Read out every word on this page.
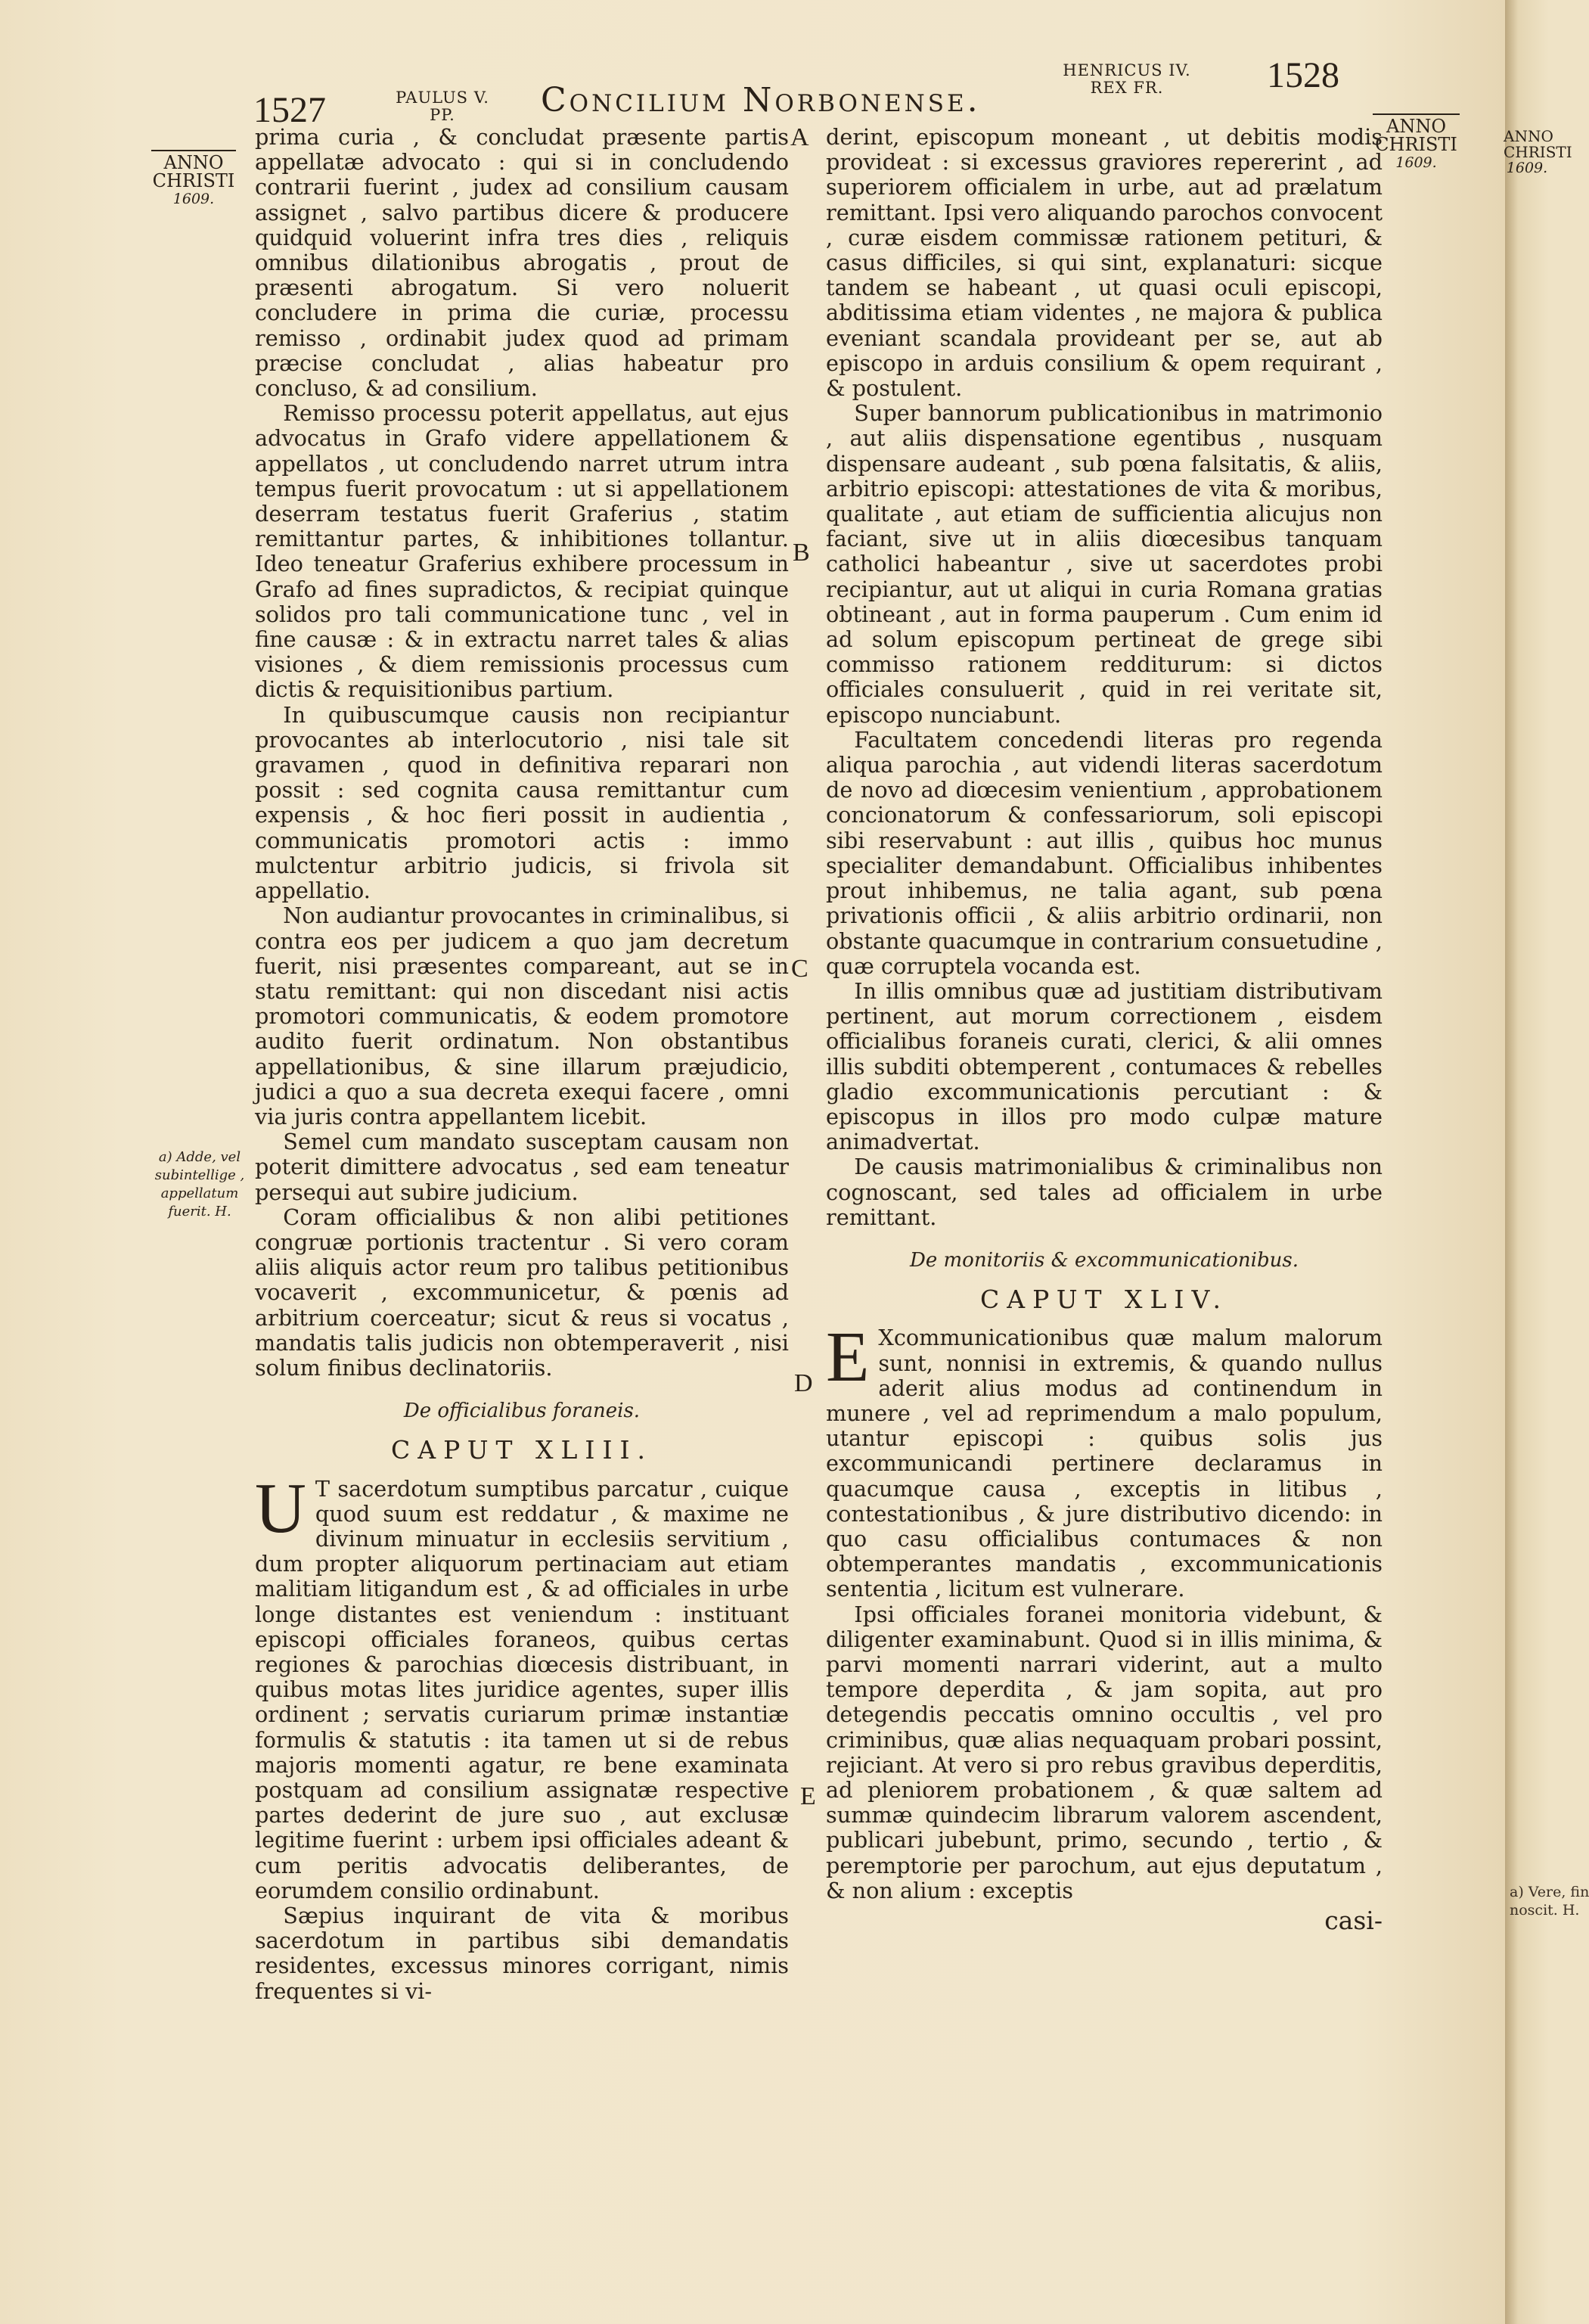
1527	PAULUS V.
PP.	Concilium Norbonense.
HENRICUS IV.
REX FR.	1528
ANNO
CHRISTI
1609.
ANNO
CHRISTI
1609.
A
B
C
D
E
a) Adde, vel subintellige , appellatum fuerit. H.

prima curia , & concludat præsente partis appellatæ advocato : qui si in concludendo contrarii fuerint , judex ad consilium causam assignet , salvo partibus dicere & producere quidquid voluerint infra tres dies , reliquis omnibus dilationibus abrogatis , prout de præsenti abrogatum. Si vero noluerit concludere in prima die curiæ, processu remisso , ordinabit judex quod ad primam præcise concludat , alias habeatur pro concluso, & ad consilium.

Remisso processu poterit appellatus, aut ejus advocatus in Grafo videre appellationem & appellatos , ut concludendo narret utrum intra tempus fuerit provocatum : ut si appellationem deserram testatus fuerit Graferius , statim remittantur partes, & inhibitiones tollantur. Ideo teneatur Graferius exhibere processum in Grafo ad fines supradictos, & recipiat quinque solidos pro tali communicatione tunc , vel in fine causæ : & in extractu narret tales & alias visiones , & diem remissionis processus cum dictis & requisitionibus partium.

In quibuscumque causis non recipiantur provocantes ab interlocutorio , nisi tale sit gravamen , quod in definitiva reparari non possit : sed cognita causa remittantur cum expensis , & hoc fieri possit in audientia , communicatis promotori actis : immo mulctentur arbitrio judicis, si frivola sit appellatio.

Non audiantur provocantes in criminalibus, si contra eos per judicem a quo jam decretum fuerit, nisi præsentes compareant, aut se in statu remittant: qui non discedant nisi actis promotori communicatis, & eodem promotore audito fuerit ordinatum. Non obstantibus appellationibus, & sine illarum præjudicio, judici a quo a sua decreta exequi facere , omni via juris contra appellantem licebit.

Semel cum mandato susceptam causam non poterit dimittere advocatus , sed eam teneatur persequi aut subire judicium.

Coram officialibus & non alibi petitiones congruæ portionis tractentur . Si vero coram aliis aliquis actor reum pro talibus petitionibus vocaverit , excommunicetur, & pœnis ad arbitrium coerceatur; sicut & reus si vocatus , mandatis talis judicis non obtemperaverit , nisi solum finibus declinatoriis.

De officialibus foraneis.

CAPUT XLIII.

U T sacerdotum sumptibus parcatur , cuique quod suum est reddatur , & maxime ne divinum minuatur in ecclesiis servitium , dum propter aliquorum pertinaciam aut etiam malitiam litigandum est , & ad officiales in urbe longe distantes est veniendum : instituant episcopi officiales foraneos, quibus certas regiones & parochias diœcesis distribuant, in quibus motas lites juridice agentes, super illis ordinent ; servatis curiarum primæ instantiæ formulis & statutis : ita tamen ut si de rebus majoris momenti agatur, re bene examinata postquam ad consilium assignatæ respective partes dederint de jure suo , aut exclusæ legitime fuerint : urbem ipsi officiales adeant & cum peritis advocatis deliberantes, de eorumdem consilio ordinabunt.

Sæpius inquirant de vita & moribus sacerdotum in partibus sibi demandatis residentes, excessus minores corrigant, nimis frequentes si vi-

derint, episcopum moneant , ut debitis modis provideat : si excessus graviores repererint , ad superiorem officialem in urbe, aut ad prælatum remittant. Ipsi vero aliquando parochos convocent , curæ eisdem commissæ rationem petituri, & casus difficiles, si qui sint, explanaturi: sicque tandem se habeant , ut quasi oculi episcopi, abditissima etiam videntes , ne majora & publica eveniant scandala provideant per se, aut ab episcopo in arduis consilium & opem requirant , & postulent.

Super bannorum publicationibus in matrimonio , aut aliis dispensatione egentibus , nusquam dispensare audeant , sub pœna falsitatis, & aliis, arbitrio episcopi: attestationes de vita & moribus, qualitate , aut etiam de sufficientia alicujus non faciant, sive ut in aliis diœcesibus tanquam catholici habeantur , sive ut sacerdotes probi recipiantur, aut ut aliqui in curia Romana gratias obtineant , aut in forma pauperum . Cum enim id ad solum episcopum pertineat de grege sibi commisso rationem redditurum: si dictos officiales consuluerit , quid in rei veritate sit, episcopo nunciabunt.

Facultatem concedendi literas pro regenda aliqua parochia , aut videndi literas sacerdotum de novo ad diœcesim venientium , approbationem concionatorum & confessariorum, soli episcopi sibi reservabunt : aut illis , quibus hoc munus specialiter demandabunt. Officialibus inhibentes prout inhibemus, ne talia agant, sub pœna privationis officii , & aliis arbitrio ordinarii, non obstante quacumque in contrarium consuetudine , quæ corruptela vocanda est.

In illis omnibus quæ ad justitiam distributivam pertinent, aut morum correctionem , eisdem officialibus foraneis curati, clerici, & alii omnes illis subditi obtemperent , contumaces & rebelles gladio excommunicationis percutiant : & episcopus in illos pro modo culpæ mature animadvertat.

De causis matrimonialibus & criminalibus non cognoscant, sed tales ad officialem in urbe remittant.

De monitoriis & excommunicationibus.

CAPUT XLIV.

E Xcommunicationibus quæ malum malorum sunt, nonnisi in extremis, & quando nullus aderit alius modus ad continendum in munere , vel ad reprimendum a malo populum, utantur episcopi : quibus solis jus excommunicandi pertinere declaramus in quacumque causa , exceptis in litibus , contestationibus , & jure distributivo dicendo: in quo casu officialibus contumaces & non obtemperantes mandatis , excommunicationis sententia , licitum est vulnerare.

Ipsi officiales foranei monitoria videbunt, & diligenter examinabunt. Quod si in illis minima, & parvi momenti narrari viderint, aut a multo tempore deperdita , & jam sopita, aut pro detegendis peccatis omnino occultis , vel pro criminibus, quæ alias nequaquam probari possint, rejiciant. At vero si pro rebus gravibus deperditis, ad pleniorem probationem , & quæ saltem ad summæ quindecim librarum valorem ascendent, publicari jubebunt, primo, secundo , tertio , & peremptorie per parochum, aut ejus deputatum , & non alium : exceptis

casi-
ANNO
CHRISTI
1609.
a) Vere, fin
noscit. H.
